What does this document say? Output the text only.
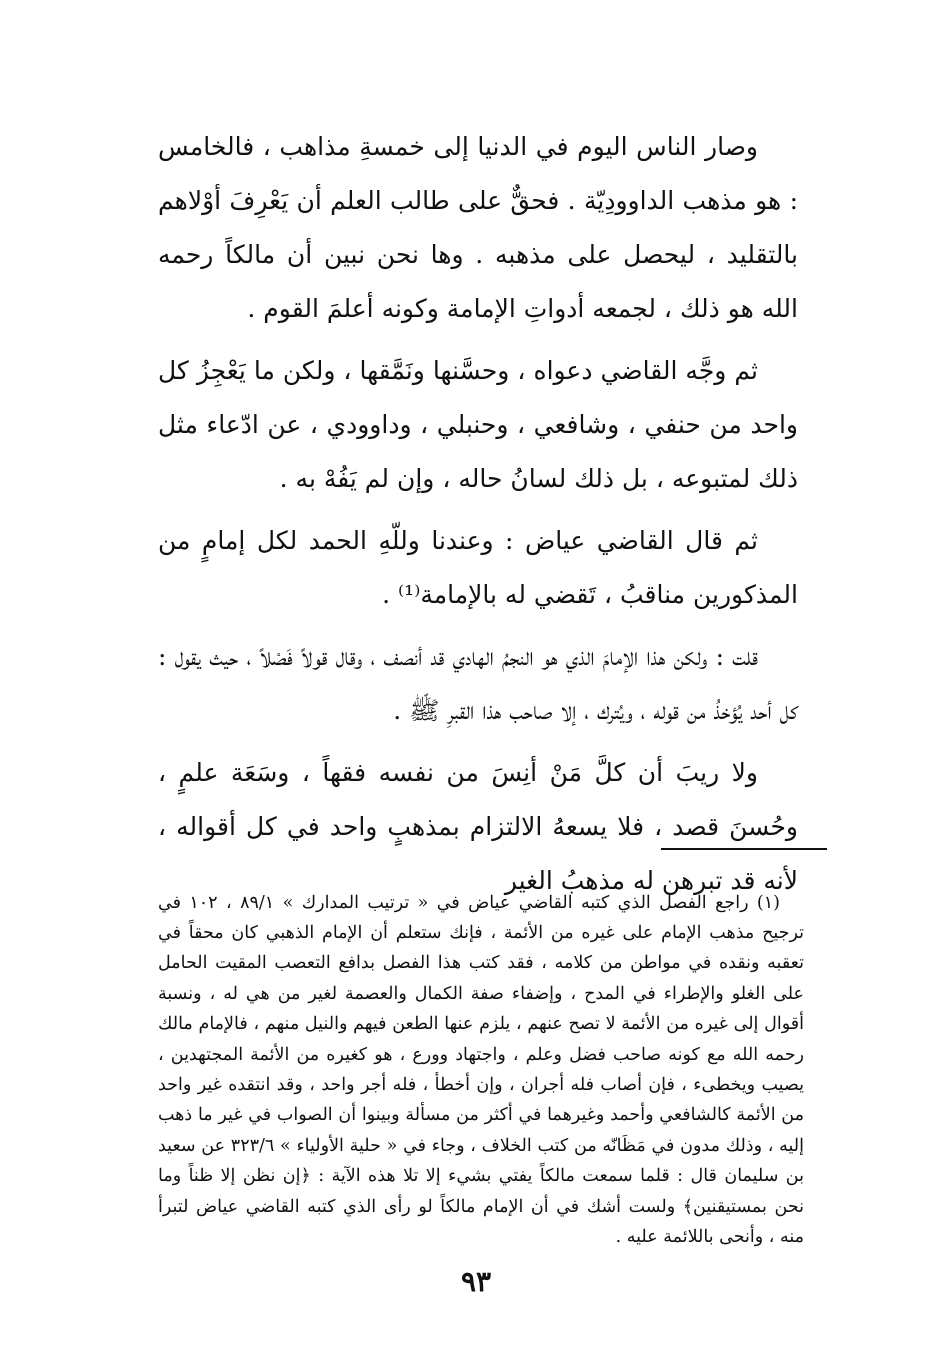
وصار الناس اليوم في الدنيا إلى خمسةِ مذاهب ، فالخامس : هو مذهب الداوودِيّة . فحقٌّ على طالب العلم أن يَعْرِفَ أوْلاهم بالتقليد ، ليحصل على مذهبه . وها نحن نبين أن مالكاً رحمه الله هو ذلك ، لجمعه أدواتِ الإمامة وكونه أعلمَ القوم .

ثم وجَّه القاضي دعواه ، وحسَّنها ونَمَّقها ، ولكن ما يَعْجِزُ كل واحد من حنفي ، وشافعي ، وحنبلي ، وداوودي ، عن ادّعاء مثل ذلك لمتبوعه ، بل ذلك لسانُ حاله ، وإن لم يَفُهْ به .

ثم قال القاضي عياض : وعندنا وللّهِ الحمد لكل إمامٍ من المذكورين مناقبُ ، تَقضي له بالإمامة⁽¹⁾ .

قلت : ولكن هذا الإمامَ الذي هو النجمُ الهادي قد أنصف ، وقال قولاً فَصْلاً ، حيث يقول : كل أحد يُؤخذُ من قوله ، ويُترك ، إلا صاحب هذا القبرِ ﷺ .

ولا ريبَ أن كلَّ مَنْ أنِسَ من نفسه فقهاً ، وسَعَة علمٍ ، وحُسنَ قصد ، فلا يسعهُ الالتزام بمذهبٍ واحد في كل أقواله ، لأنه قد تبرهن له مذهبُ الغير

(١) راجع الفصل الذي كتبه القاضي عياض في « ترتيب المدارك » ٨٩/١ ، ١٠٢ في ترجيح مذهب الإمام على غيره من الأئمة ، فإنك ستعلم أن الإمام الذهبي كان محقاً في تعقبه ونقده في مواطن من كلامه ، فقد كتب هذا الفصل بدافع التعصب المقيت الحامل على الغلو والإطراء في المدح ، وإضفاء صفة الكمال والعصمة لغير من هي له ، ونسبة أقوال إلى غيره من الأئمة لا تصح عنهم ، يلزم عنها الطعن فيهم والنيل منهم ، فالإمام مالك رحمه الله مع كونه صاحب فضل وعلم ، واجتهاد وورع ، هو كغيره من الأئمة المجتهدين ، يصيب ويخطىء ، فإن أصاب فله أجران ، وإن أخطأ ، فله أجر واحد ، وقد انتقده غير واحد من الأئمة كالشافعي وأحمد وغيرهما في أكثر من مسألة وبينوا أن الصواب في غير ما ذهب إليه ، وذلك مدون في مَظَانّه من كتب الخلاف ، وجاء في « حلية الأولياء » ٣٢٣/٦ عن سعيد بن سليمان قال : قلما سمعت مالكاً يفتي بشيء إلا تلا هذه الآية : ﴿إن نظن إلا ظناً وما نحن بمستيقنين﴾ ولست أشك في أن الإمام مالكاً لو رأى الذي كتبه القاضي عياض لتبرأ منه ، وأنحى باللائمة عليه .

٩٣
